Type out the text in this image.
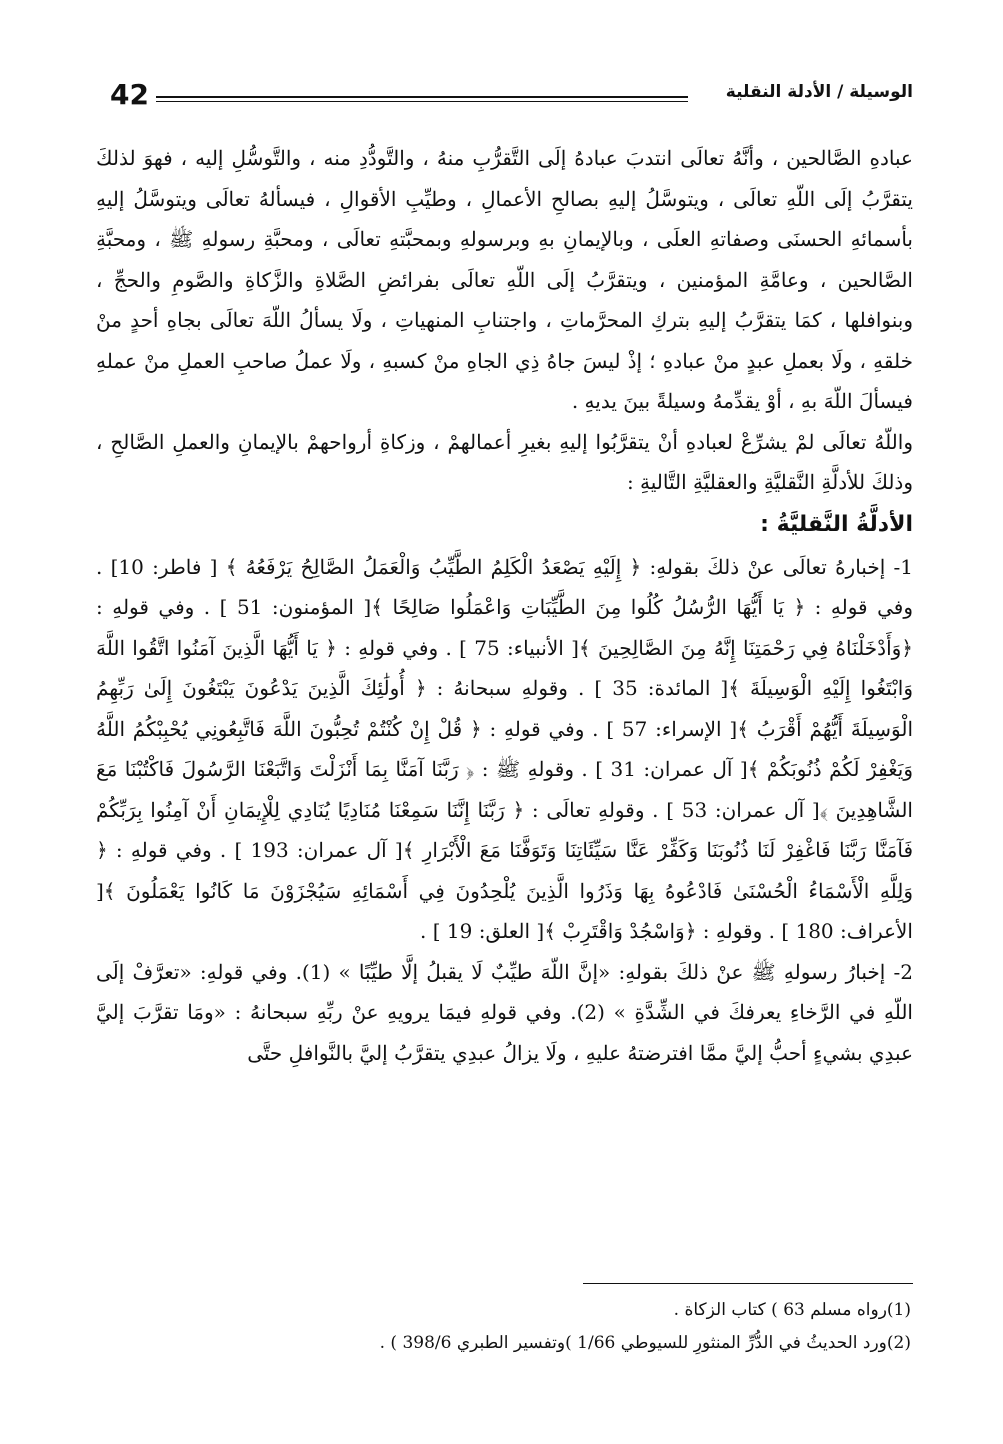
42	الوسيلة / الأدلة النقلية

عبادهِ الصَّالحين ، وأنَّهُ تعالَى انتدبَ عبادهُ إلَى التَّقرُّبِ منهُ ، والتَّودُّدِ منه ، والتَّوسُّلِ إليه ، فهوَ لذلكَ يتقرَّبُ إلَى اللّهِ تعالَى ، ويتوسَّلُ إليهِ بصالحِ الأعمالِ ، وطيِّبِ الأقوالِ ، فيسألهُ تعالَى ويتوسَّلُ إليهِ بأسمائهِ الحسنَى وصفاتهِ العلَى ، وبالإيمانِ بهِ وبرسولهِ وبمحبَّتهِ تعالَى ، ومحبَّةِ رسولهِ ﷺ ، ومحبَّةِ الصَّالحين ، وعامَّةِ المؤمنين ، ويتقرَّبُ إلَى اللّهِ تعالَى بفرائضِ الصَّلاةِ والزَّكاةِ والصَّومِ والحجِّ ، وبنوافلها ، كمَا يتقرَّبُ إليهِ بتركِ المحرَّماتِ ، واجتنابِ المنهياتِ ، ولَا يسألُ اللّهَ تعالَى بجاهِ أحدٍ منْ خلقهِ ، ولَا بعملِ عبدٍ منْ عبادهِ ؛ إذْ ليسَ جاهُ ذِي الجاهِ منْ كسبهِ ، ولَا عملُ صاحبِ العملِ منْ عملهِ فيسألَ اللّهَ بهِ ، أوْ يقدِّمهُ وسيلةً بينَ يديهِ .

واللّهُ تعالَى لمْ يشرِّعْ لعبادهِ أنْ يتقرَّبُوا إليهِ بغيرِ أعمالهمْ ، وزكاةِ أرواحهمْ بالإيمانِ والعملِ الصَّالحِ ، وذلكَ للأدلَّةِ النَّقليَّةِ والعقليَّةِ التَّاليةِ :

الأدلَّةُ النَّقليَّةُ :

1- إخبارهُ تعالَى عنْ ذلكَ بقولهِ: ﴿ إِلَيْهِ يَصْعَدُ الْكَلِمُ الطَّيِّبُ وَالْعَمَلُ الصَّالِحُ يَرْفَعُهُ ﴾ [ فاطر: 10] . وفي قولهِ : ﴿ يَا أَيُّهَا الرُّسُلُ كُلُوا مِنَ الطَّيِّبَاتِ وَاعْمَلُوا صَالِحًا ﴾[ المؤمنون: 51 ] . وفي قولهِ : ﴿وَأَدْخَلْنَاهُ فِي رَحْمَتِنَا إِنَّهُ مِنَ الصَّالِحِينَ ﴾[ الأنبياء: 75 ] . وفي قولهِ : ﴿ يَا أَيُّهَا الَّذِينَ آمَنُوا اتَّقُوا اللَّهَ وَابْتَغُوا إِلَيْهِ الْوَسِيلَةَ ﴾[ المائدة: 35 ] . وقولهِ سبحانهُ : ﴿ أُولَٰئِكَ الَّذِينَ يَدْعُونَ يَبْتَغُونَ إِلَىٰ رَبِّهِمُ الْوَسِيلَةَ أَيُّهُمْ أَقْرَبُ ﴾[ الإسراء: 57 ] . وفي قولهِ : ﴿ قُلْ إِنْ كُنْتُمْ تُحِبُّونَ اللَّهَ فَاتَّبِعُونِي يُحْبِبْكُمُ اللَّهُ وَيَغْفِرْ لَكُمْ ذُنُوبَكُمْ ﴾[ آل عمران: 31 ] . وقولهِ ﷺ : ﴿ رَبَّنَا آمَنَّا بِمَا أَنْزَلْتَ وَاتَّبَعْنَا الرَّسُولَ فَاكْتُبْنَا مَعَ الشَّاهِدِينَ ﴾[ آل عمران: 53 ] . وقولهِ تعالَى : ﴿ رَبَّنَا إِنَّنَا سَمِعْنَا مُنَادِيًا يُنَادِي لِلْإِيمَانِ أَنْ آمِنُوا بِرَبِّكُمْ فَآمَنَّا رَبَّنَا فَاغْفِرْ لَنَا ذُنُوبَنَا وَكَفِّرْ عَنَّا سَيِّئَاتِنَا وَتَوَفَّنَا مَعَ الْأَبْرَارِ ﴾[ آل عمران: 193 ] . وفي قولهِ : ﴿ وَلِلَّهِ الْأَسْمَاءُ الْحُسْنَىٰ فَادْعُوهُ بِهَا وَذَرُوا الَّذِينَ يُلْحِدُونَ فِي أَسْمَائِهِ سَيُجْزَوْنَ مَا كَانُوا يَعْمَلُونَ ﴾[ الأعراف: 180 ] . وقولهِ : ﴿وَاسْجُدْ وَاقْتَرِبْ ﴾[ العلق: 19 ] .

2- إخبارُ رسولهِ ﷺ عنْ ذلكَ بقولهِ: «إنَّ اللّهَ طيِّبٌ لَا يقبلُ إلَّا طيِّبًا » (1). وفي قولهِ: «تعرَّفْ إلَى اللّهِ في الرَّخاءِ يعرفكَ في الشِّدَّةِ » (2). وفي قولهِ فيمَا يرويهِ عنْ ربِّهِ سبحانهُ : «ومَا تقرَّبَ إليَّ عبدِي بشيءٍ أحبُّ إليَّ ممَّا افترضتهُ عليهِ ، ولَا يزالُ عبدِي يتقرَّبُ إليَّ بالنَّوافلِ حتَّى

(1)رواه مسلم 63 ) كتاب الزكاة .

(2)ورد الحديثُ في الدُّرِّ المنثورِ للسيوطي 1/66 )وتفسير الطبري 398/6 ) .
